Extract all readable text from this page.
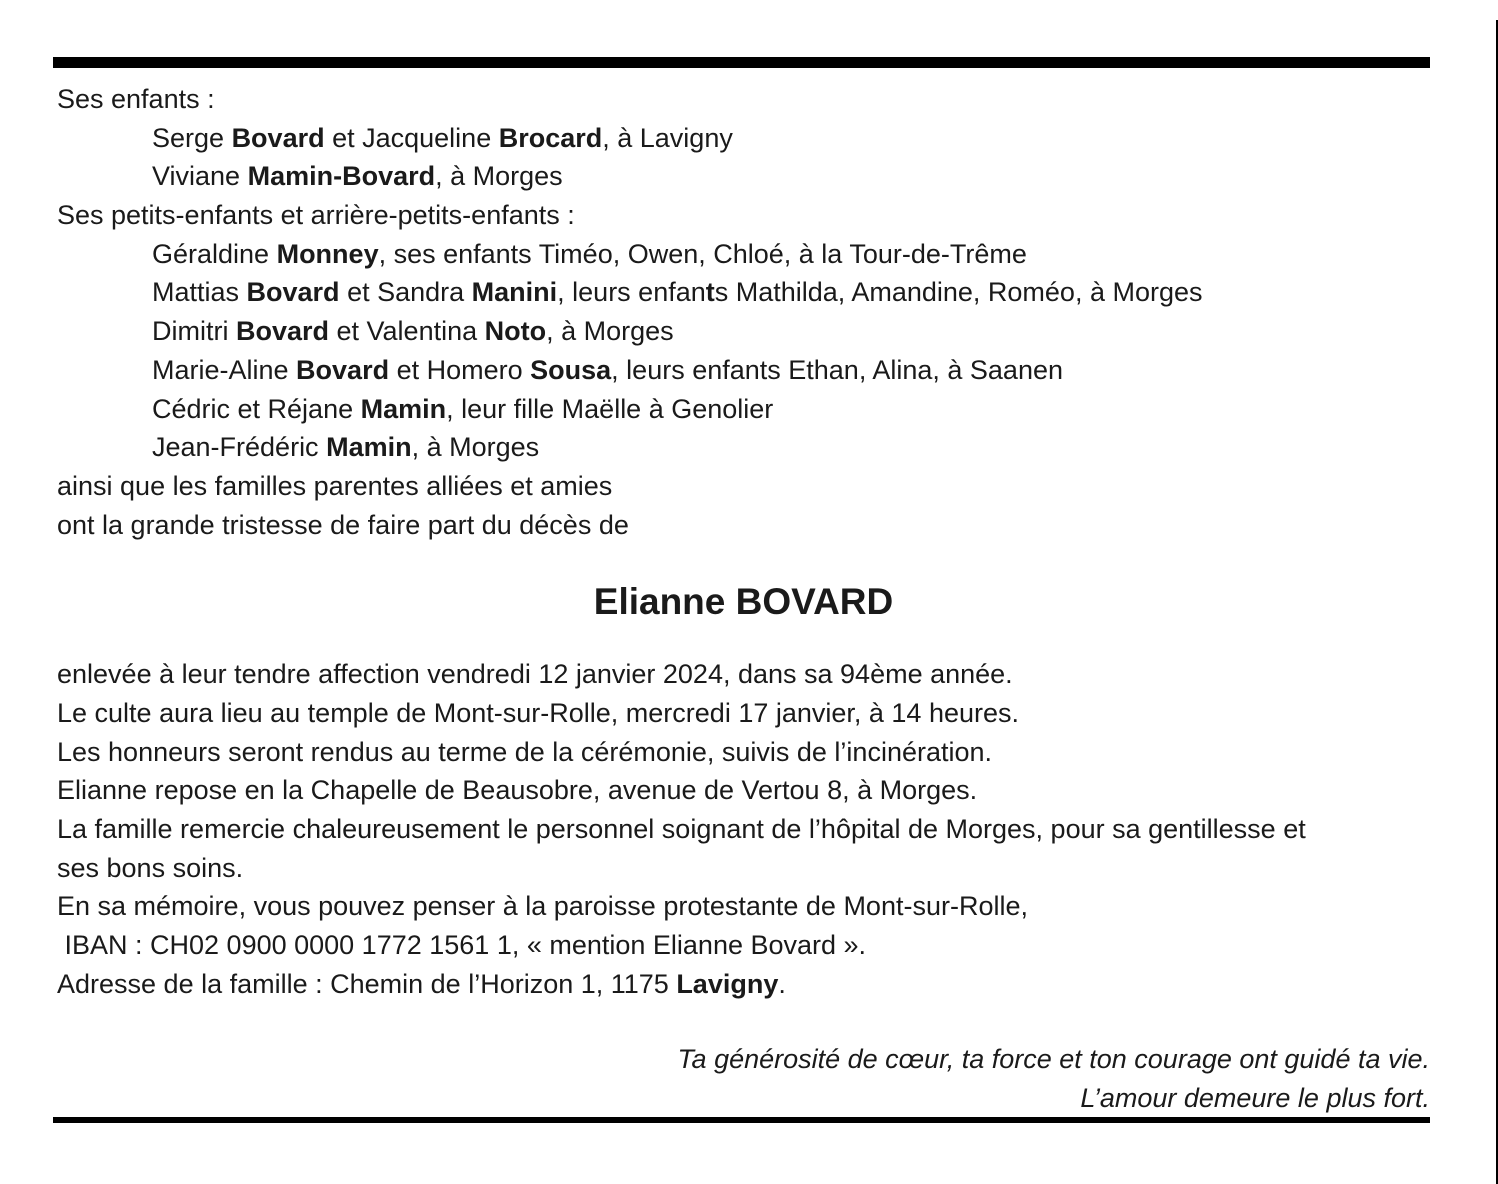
Ses enfants :
Serge Bovard et Jacqueline Brocard, à Lavigny
Viviane Mamin-Bovard, à Morges
Ses petits-enfants et arrière-petits-enfants :
Géraldine Monney, ses enfants Timéo, Owen, Chloé, à la Tour-de-Trême
Mattias Bovard et Sandra Manini, leurs enfants Mathilda, Amandine, Roméo, à Morges
Dimitri Bovard et Valentina Noto, à Morges
Marie-Aline Bovard et Homero Sousa, leurs enfants Ethan, Alina, à Saanen
Cédric et Réjane Mamin, leur fille Maëlle à Genolier
Jean-Frédéric Mamin, à Morges
ainsi que les familles parentes alliées et amies
ont la grande tristesse de faire part du décès de
Elianne BOVARD
enlevée à leur tendre affection vendredi 12 janvier 2024, dans sa 94ème année.
Le culte aura lieu au temple de Mont-sur-Rolle, mercredi 17 janvier, à 14 heures.
Les honneurs seront rendus au terme de la cérémonie, suivis de l’incinération.
Elianne repose en la Chapelle de Beausobre, avenue de Vertou 8, à Morges.
La famille remercie chaleureusement le personnel soignant de l’hôpital de Morges, pour sa gentillesse et
ses bons soins.
En sa mémoire, vous pouvez penser à la paroisse protestante de Mont-sur-Rolle,
IBAN : CH02 0900 0000 1772 1561 1, « mention Elianne Bovard ».
Adresse de la famille : Chemin de l’Horizon 1, 1175 Lavigny.
Ta générosité de cœur, ta force et ton courage ont guidé ta vie.
L’amour demeure le plus fort.
